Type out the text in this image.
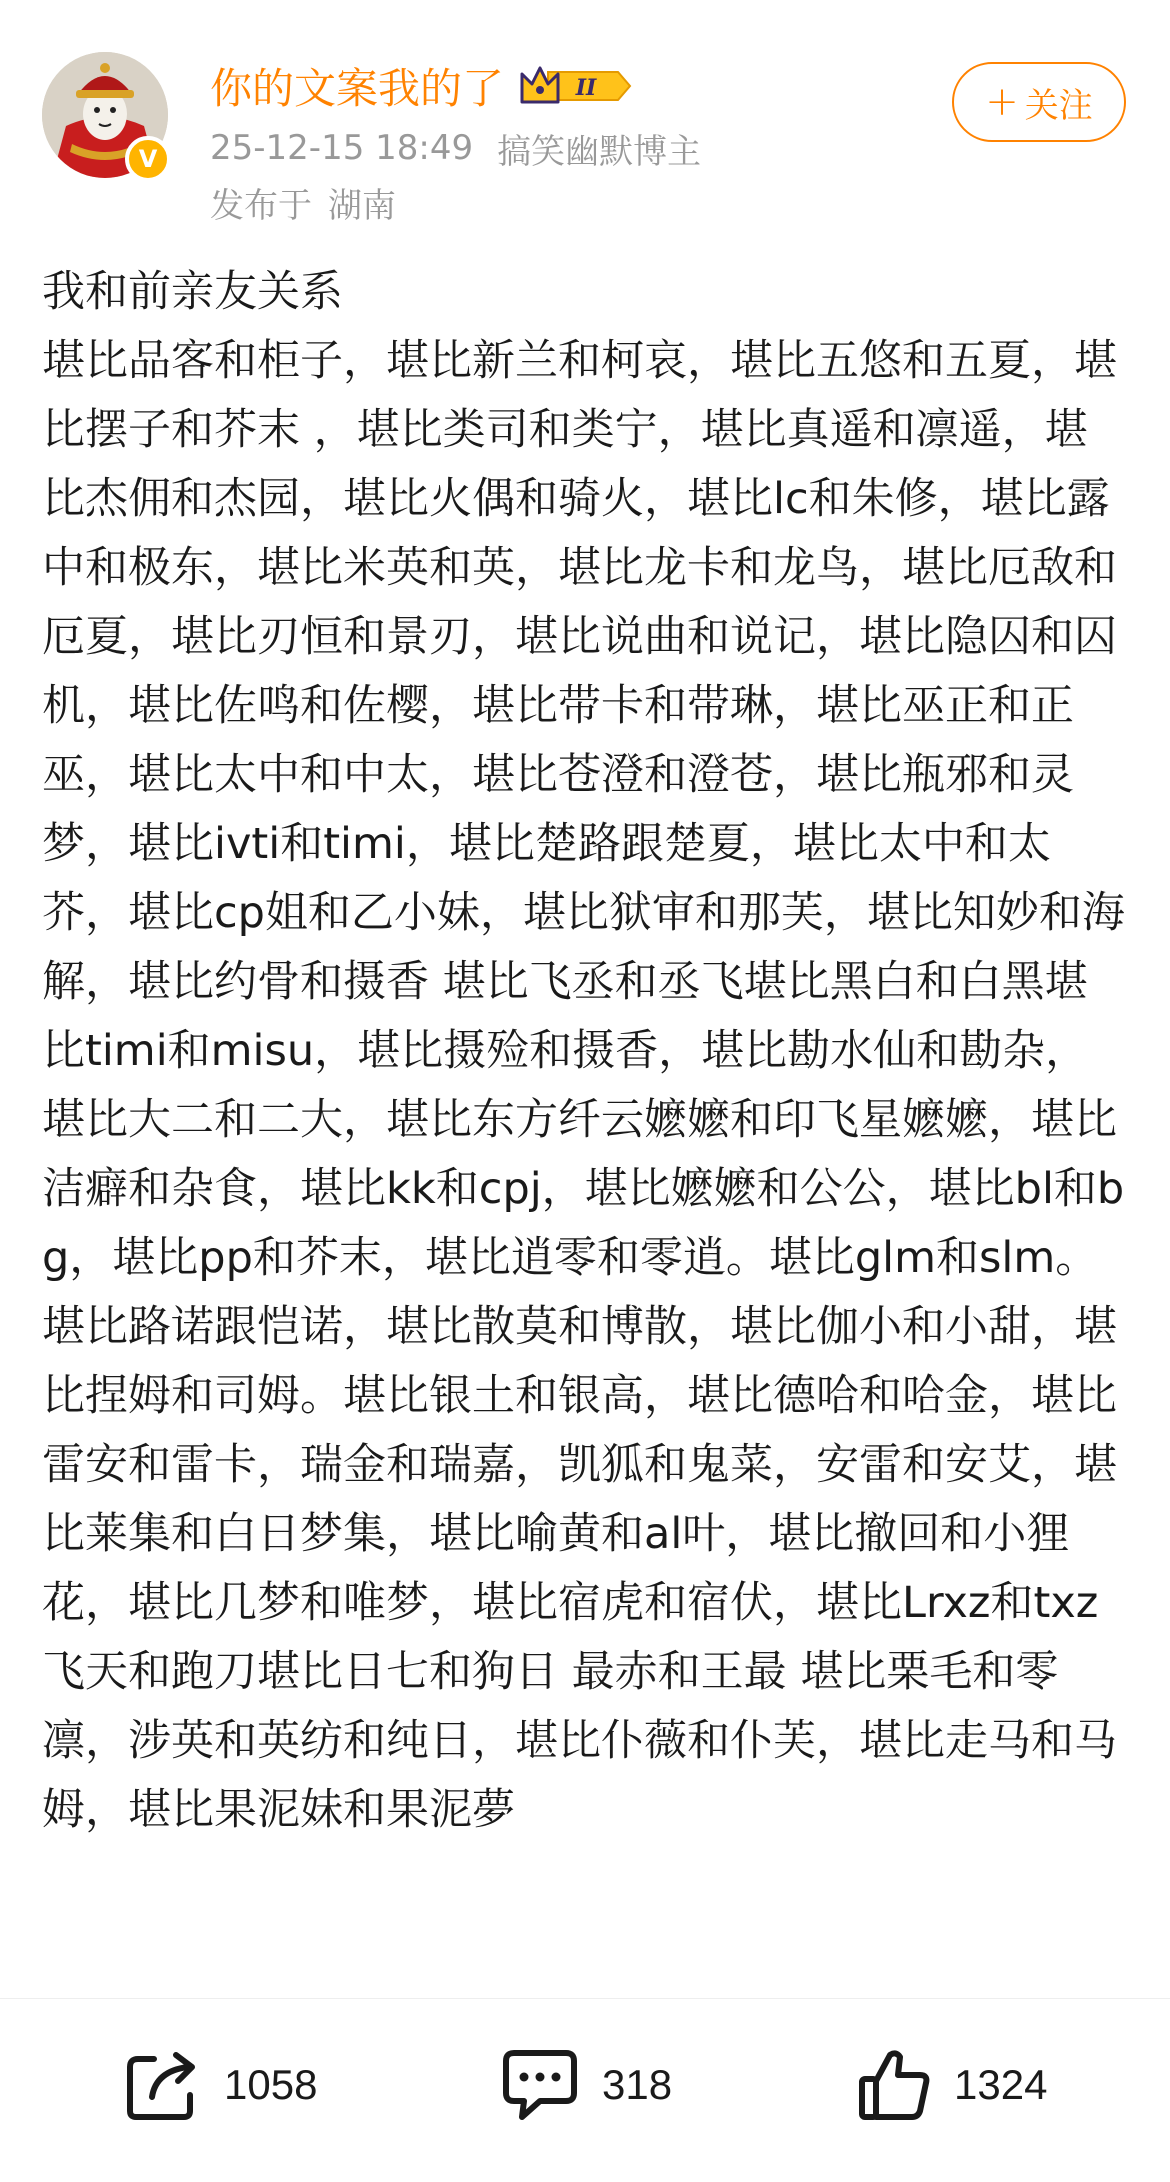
V
你的文案我的了	II
25-12-15 18:49 搞笑幽默博主
发布于 湖南
+ 关注

我和前亲友关系
堪比品客和柜子，堪比新兰和柯哀，堪比五悠和五夏，堪比摆子和芥末 ，堪比类司和类宁，堪比真遥和凛遥，堪比杰佣和杰园，堪比火偶和骑火，堪比lc和朱修，堪比露中和极东，堪比米英和英，堪比龙卡和龙鸟，堪比厄敌和厄夏，堪比刃恒和景刃，堪比说曲和说记，堪比隐囚和囚机，堪比佐鸣和佐樱，堪比带卡和带琳，堪比巫正和正巫，堪比太中和中太，堪比苍澄和澄苍，堪比瓶邪和灵梦，堪比ivti和timi，堪比楚路跟楚夏，堪比太中和太芥，堪比cp姐和乙小妹，堪比狱审和那芙，堪比知妙和海解，堪比约骨和摄香 堪比飞丞和丞飞堪比黑白和白黑堪比timi和misu，堪比摄殓和摄香，堪比勘水仙和勘杂，堪比大二和二大，堪比东方纤云嬷嬷和印飞星嬷嬷，堪比洁癖和杂食，堪比kk和cpj，堪比嬷嬷和公公，堪比bl和bg，堪比pp和芥末，堪比逍零和零逍。堪比glm和slm。堪比路诺跟恺诺，堪比散莫和博散，堪比伽小和小甜，堪比捏姆和司姆。堪比银土和银高，堪比德哈和哈金，堪比雷安和雷卡，瑞金和瑞嘉，凯狐和鬼菜，安雷和安艾，堪比莱集和白日梦集，堪比喻黄和al叶，堪比撤回和小狸花，堪比几梦和唯梦，堪比宿虎和宿伏，堪比Lrxz和txz 飞天和跑刀堪比日七和狗日 最赤和王最 堪比栗毛和零凛，涉英和英纺和纯日，堪比仆薇和仆芙，堪比走马和马姆，堪比果泥妹和果泥夢

1058	318	1324
